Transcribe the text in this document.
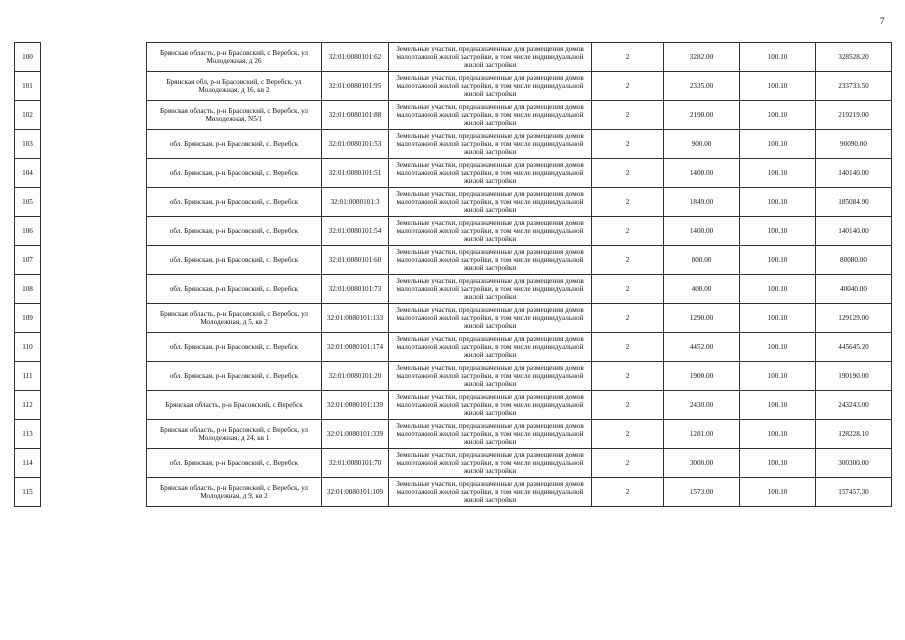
7
100		Брянская область, р-н Брасовский, с Веребск, ул Молодежная, д 26	32:01:0080101:62	Земельные участки, предназначенные для размещения домов малоэтажной жилой застройки, в том числе индивидуальной жилой застройки	2	3282.00	100.10	328528.20
101		Брянская обл, р-н Брасовский, с Веребск, ул Молодежная, д 16, кв 2	32:01:0080101:95	Земельные участки, предназначенные для размещения домов малоэтажной жилой застройки, в том числе индивидуальной жилой застройки	2	2335.00	100.10	233733.50
102		Брянская область, р-н Брасовский, с Веребск, ул Молодежная, N5/1	32:01:0080101:88	Земельные участки, предназначенные для размещения домов малоэтажной жилой застройки, в том числе индивидуальной жилой застройки	2	2190.00	100.10	219219.00
103		обл. Брянская, р-н Брасовский, с. Веребск	32:01:0080101:53	Земельные участки, предназначенные для размещения домов малоэтажной жилой застройки, в том числе индивидуальной жилой застройки	2	900.00	100.10	90090.00
104		обл. Брянская, р-н Брасовский, с. Веребск	32:01:0080101:51	Земельные участки, предназначенные для размещения домов малоэтажной жилой застройки, в том числе индивидуальной жилой застройки	2	1400.00	100.10	140140.00
105		обл. Брянская, р-н Брасовский, с. Веребск	32:01:0080101:3	Земельные участки, предназначенные для размещения домов малоэтажной жилой застройки, в том числе индивидуальной жилой застройки	2	1849.00	100.10	185084.90
106		обл. Брянская, р-н Брасовский, с. Веребск	32:01:0080101:54	Земельные участки, предназначенные для размещения домов малоэтажной жилой застройки, в том числе индивидуальной жилой застройки	2	1400.00	100.10	140140.00
107		обл. Брянская, р-н Брасовский, с. Веребск	32:01:0080101:60	Земельные участки, предназначенные для размещения домов малоэтажной жилой застройки, в том числе индивидуальной жилой застройки	2	800.00	100.10	80080.00
108		обл. Брянская, р-н Брасовский, с. Веребск	32:01:0080101:73	Земельные участки, предназначенные для размещения домов малоэтажной жилой застройки, в том числе индивидуальной жилой застройки	2	400.00	100.10	40040.00
109		Брянская область, р-н Брасовский, с Веребск, ул Молодежная, д 5, кв 2	32:01:0080101:133	Земельные участки, предназначенные для размещения домов малоэтажной жилой застройки, в том числе индивидуальной жилой застройки	2	1290.00	100.10	129129.00
110		обл. Брянская, р-н Брасовский, с. Веребск	32:01:0080101:174	Земельные участки, предназначенные для размещения домов малоэтажной жилой застройки, в том числе индивидуальной жилой застройки	2	4452.00	100.10	445645.20
111		обл. Брянская, р-н Брасовский, с. Веребск	32:01:0080101:20	Земельные участки, предназначенные для размещения домов малоэтажной жилой застройки, в том числе индивидуальной жилой застройки	2	1900.00	100.10	190190.00
112		Брянская область, р-н Брасовский, с Веребск	32:01:0080101:139	Земельные участки, предназначенные для размещения домов малоэтажной жилой застройки, в том числе индивидуальной жилой застройки	2	2430.00	100.10	243243.00
113		Брянская область, р-н Брасовский, с Веребск, ул Молодежная, д 24, кв 1	32:01:0080101:339	Земельные участки, предназначенные для размещения домов малоэтажной жилой застройки, в том числе индивидуальной жилой застройки	2	1281.00	100.10	128228.10
114		обл. Брянская, р-н Брасовский, с. Веребск	32:01:0080101:70	Земельные участки, предназначенные для размещения домов малоэтажной жилой застройки, в том числе индивидуальной жилой застройки	2	3000.00	100.10	300300.00
115		Брянская область, р-н Брасовский, с Веребск, ул Молодежная, д 9, кв 2	32:01:0080101:109	Земельные участки, предназначенные для размещения домов малоэтажной жилой застройки, в том числе индивидуальной жилой застройки	2	1573.00	100.10	157457.30
